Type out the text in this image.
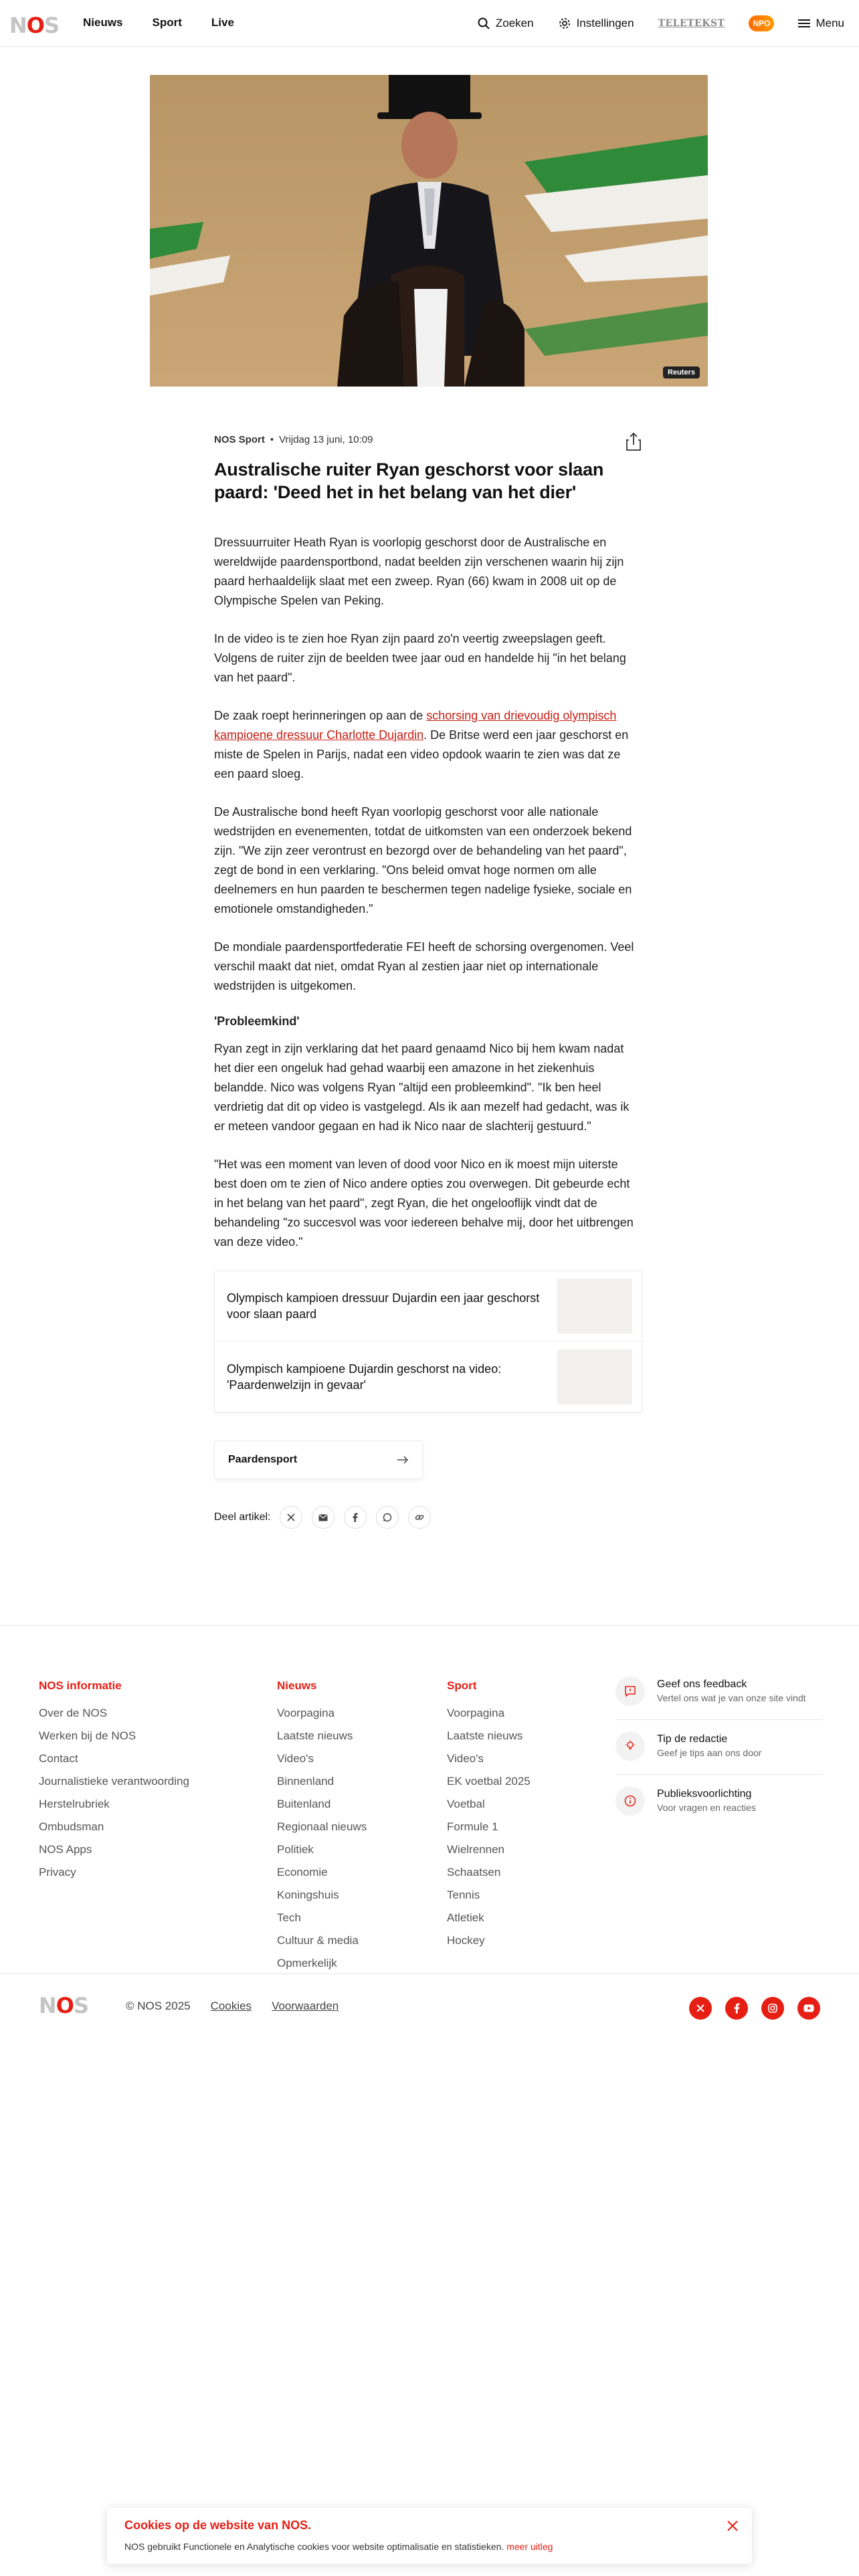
NOS Nieuws	Sport	Live	Zoeken	Instellingen	TELETEKST	NPO	Menu
Reuters
NOS Sport • Vrijdag 13 juni, 10:09
Australische ruiter Ryan geschorst voor slaan paard: 'Deed het in het belang van het dier'

Dressuurruiter Heath Ryan is voorlopig geschorst door de Australische en wereldwijde paardensportbond, nadat beelden zijn verschenen waarin hij zijn paard herhaaldelijk slaat met een zweep. Ryan (66) kwam in 2008 uit op de Olympische Spelen van Peking.

In de video is te zien hoe Ryan zijn paard zo'n veertig zweepslagen geeft. Volgens de ruiter zijn de beelden twee jaar oud en handelde hij "in het belang van het paard".

De zaak roept herinneringen op aan de schorsing van drievoudig olympisch kampioene dressuur Charlotte Dujardin. De Britse werd een jaar geschorst en miste de Spelen in Parijs, nadat een video opdook waarin te zien was dat ze een paard sloeg.

De Australische bond heeft Ryan voorlopig geschorst voor alle nationale wedstrijden en evenementen, totdat de uitkomsten van een onderzoek bekend zijn. "We zijn zeer verontrust en bezorgd over de behandeling van het paard", zegt de bond in een verklaring. "Ons beleid omvat hoge normen om alle deelnemers en hun paarden te beschermen tegen nadelige fysieke, sociale en emotionele omstandigheden."

De mondiale paardensportfederatie FEI heeft de schorsing overgenomen. Veel verschil maakt dat niet, omdat Ryan al zestien jaar niet op internationale wedstrijden is uitgekomen.

'Probleemkind'

Ryan zegt in zijn verklaring dat het paard genaamd Nico bij hem kwam nadat het dier een ongeluk had gehad waarbij een amazone in het ziekenhuis belandde. Nico was volgens Ryan "altijd een probleemkind". "Ik ben heel verdrietig dat dit op video is vastgelegd. Als ik aan mezelf had gedacht, was ik er meteen vandoor gegaan en had ik Nico naar de slachterij gestuurd."

"Het was een moment van leven of dood voor Nico en ik moest mijn uiterste best doen om te zien of Nico andere opties zou overwegen. Dit gebeurde echt in het belang van het paard", zegt Ryan, die het ongelooflijk vindt dat de behandeling "zo succesvol was voor iedereen behalve mij, door het uitbrengen van deze video."

Olympisch kampioen dressuur Dujardin een jaar geschorst voor slaan paard
Olympisch kampioene Dujardin geschorst na video: 'Paardenwelzijn in gevaar'
Paardensport
Deel artikel:
NOS informatie
Over de NOS
Werken bij de NOS
Contact
Journalistieke verantwoording
Herstelrubriek
Ombudsman
NOS Apps
Privacy
Nieuws
Voorpagina
Laatste nieuws
Video's
Binnenland
Buitenland
Regionaal nieuws
Politiek
Economie
Koningshuis
Tech
Cultuur & media
Opmerkelijk
Sport
Voorpagina
Laatste nieuws
Video's
EK voetbal 2025
Voetbal
Formule 1
Wielrennen
Schaatsen
Tennis
Atletiek
Hockey
Geef ons feedback
Vertel ons wat je van onze site vindt
Tip de redactie
Geef je tips aan ons door
Publieksvoorlichting
Voor vragen en reacties
NOS	© NOS 2025 Cookies Voorwaarden
Cookies op de website van NOS.
NOS gebruikt Functionele en Analytische cookies voor website optimalisatie en statistieken. meer uitleg
